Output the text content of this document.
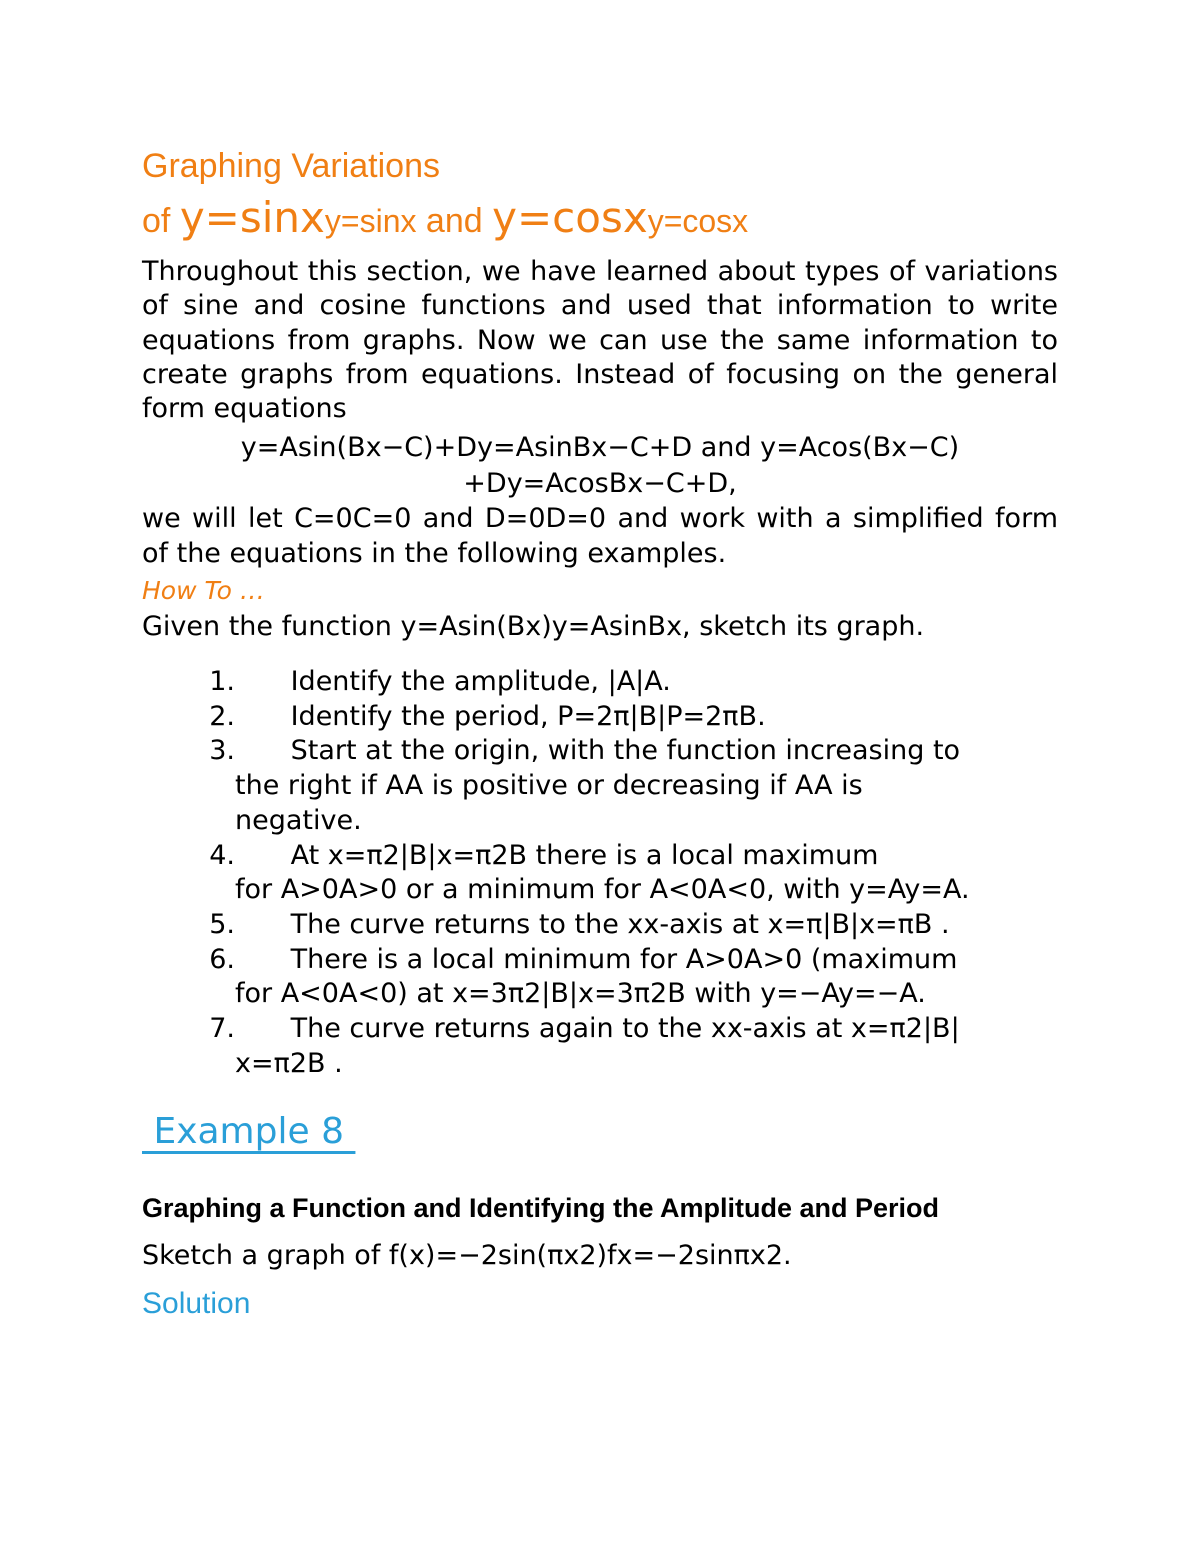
Graphing Variations
of y=sinxy=sinx and y=cosxy=cosx

Throughout this section, we have learned about types of variations of sine and cosine functions and used that information to write equations from graphs. Now we can use the same information to create graphs from equations. Instead of focusing on the general form equations

y=Asin(Bx−C)+Dy=AsinBx−C+D and y=Acos(Bx−C)
+Dy=AcosBx−C+D,

we will let C=0C=0 and D=0D=0 and work with a simplified form of the equations in the following examples.

How To …
Given the function y=Asin(Bx)y=AsinBx, sketch its graph.
1. Identify the amplitude, |A|A.
2. Identify the period, P=2π|B|P=2πB.
3. Start at the origin, with the function increasing to
the right if AA is positive or decreasing if AA is
negative.
4. At x=π2|B|x=π2B there is a local maximum
for A>0A>0 or a minimum for A<0A<0, with y=Ay=A.
5. The curve returns to the xx-axis at x=π|B|x=πB .
6. There is a local minimum for A>0A>0 (maximum
for A<0A<0) at x=3π2|B|x=3π2B with y=−Ay=−A.
7. The curve returns again to the xx-axis at x=π2|B|
x=π2B .
Example 8
Graphing a Function and Identifying the Amplitude and Period
Sketch a graph of f(x)=−2sin(πx2)fx=−2sinπx2.
Solution
